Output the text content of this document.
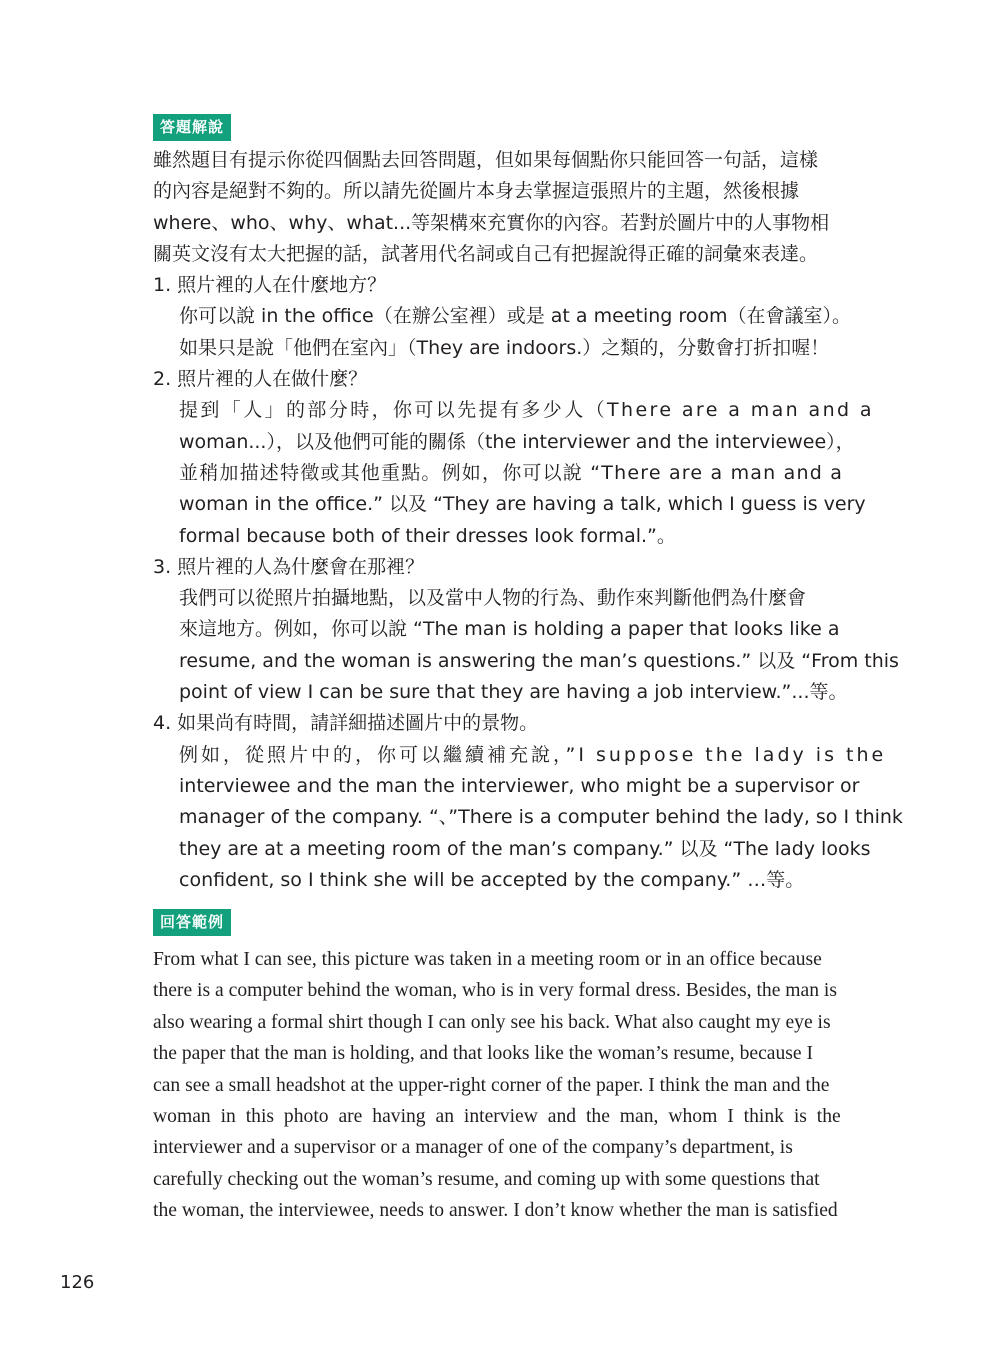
答題解說
雖然題目有提示你從四個點去回答問題，但如果每個點你只能回答一句話，這樣
的內容是絕對不夠的。所以請先從圖片本身去掌握這張照片的主題，然後根據
where、who、why、what...等架構來充實你的內容。若對於圖片中的人事物相
關英文沒有太大把握的話，試著用代名詞或自己有把握說得正確的詞彙來表達。
1. 照片裡的人在什麼地方？
你可以說 in the office（在辦公室裡）或是 at a meeting room（在會議室）。
如果只是說「他們在室內」（They are indoors.）之類的，分數會打折扣喔！
2. 照片裡的人在做什麼？
提到「人」的部分時，你可以先提有多少人（There are a man and a
woman...），以及他們可能的關係（the interviewer and the interviewee），
並稍加描述特徵或其他重點。例如，你可以說 “There are a man and a
woman in the office.” 以及 “They are having a talk, which I guess is very
formal because both of their dresses look formal.”。
3. 照片裡的人為什麼會在那裡？
我們可以從照片拍攝地點，以及當中人物的行為、動作來判斷他們為什麼會
來這地方。例如，你可以說 “The man is holding a paper that looks like a
resume, and the woman is answering the man’s questions.” 以及 “From this
point of view I can be sure that they are having a job interview.”...等。
4. 如果尚有時間，請詳細描述圖片中的景物。
例如，從照片中的，你可以繼續補充說，”I suppose the lady is the
interviewee and the man the interviewer, who might be a supervisor or
manager of the company. “、”There is a computer behind the lady, so I think
they are at a meeting room of the man’s company.” 以及 “The lady looks
confident, so I think she will be accepted by the company.” …等。
回答範例
From what I can see, this picture was taken in a meeting room or in an office because
there is a computer behind the woman, who is in very formal dress. Besides, the man is
also wearing a formal shirt though I can only see his back. What also caught my eye is
the paper that the man is holding, and that looks like the woman’s resume, because I
can see a small headshot at the upper-right corner of the paper. I think the man and the
woman in this photo are having an interview and the man, whom I think is the
interviewer and a supervisor or a manager of one of the company’s department, is
carefully checking out the woman’s resume, and coming up with some questions that
the woman, the interviewee, needs to answer. I don’t know whether the man is satisfied
126
